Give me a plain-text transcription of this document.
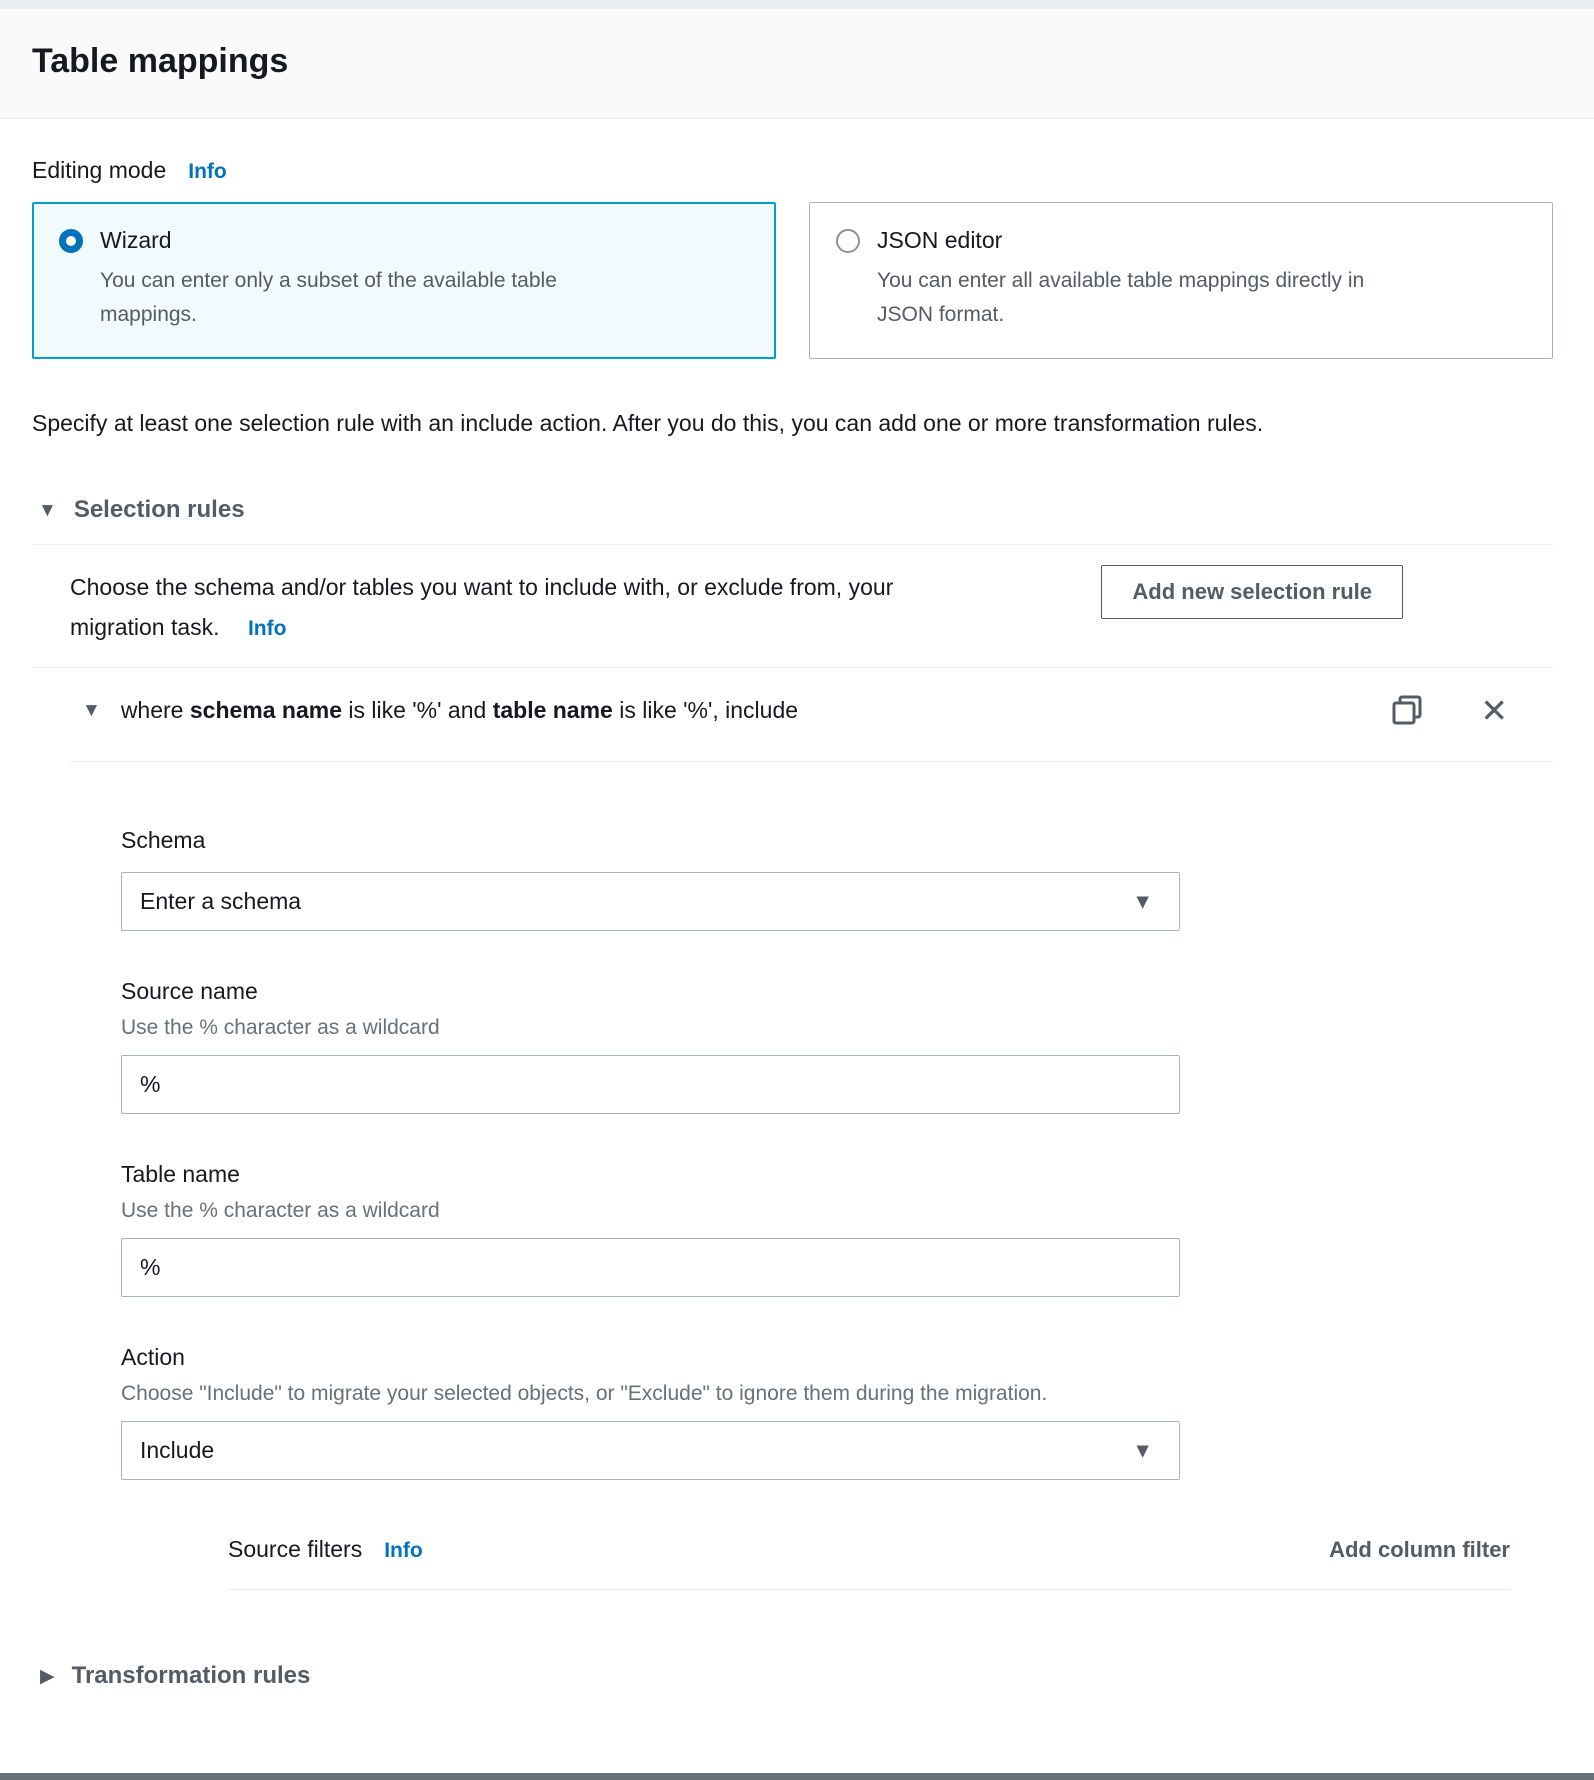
Table mappings
Editing mode Info
Wizard
You can enter only a subset of the available table mappings.
JSON editor
You can enter all available table mappings directly in JSON format.

Specify at least one selection rule with an include action. After you do this, you can add one or more transformation rules.

▼ Selection rules
Choose the schema and/or tables you want to include with, or exclude from, your migration task. Info
Add new selection rule
▼ where schema name is like '%' and table name is like '%', include	✕
Schema
Enter a schema	▼
Source name
Use the % character as a wildcard
%
Table name
Use the % character as a wildcard
%
Action
Choose "Include" to migrate your selected objects, or "Exclude" to ignore them during the migration.
Include	▼
Source filters Info	Add column filter
▶ Transformation rules
